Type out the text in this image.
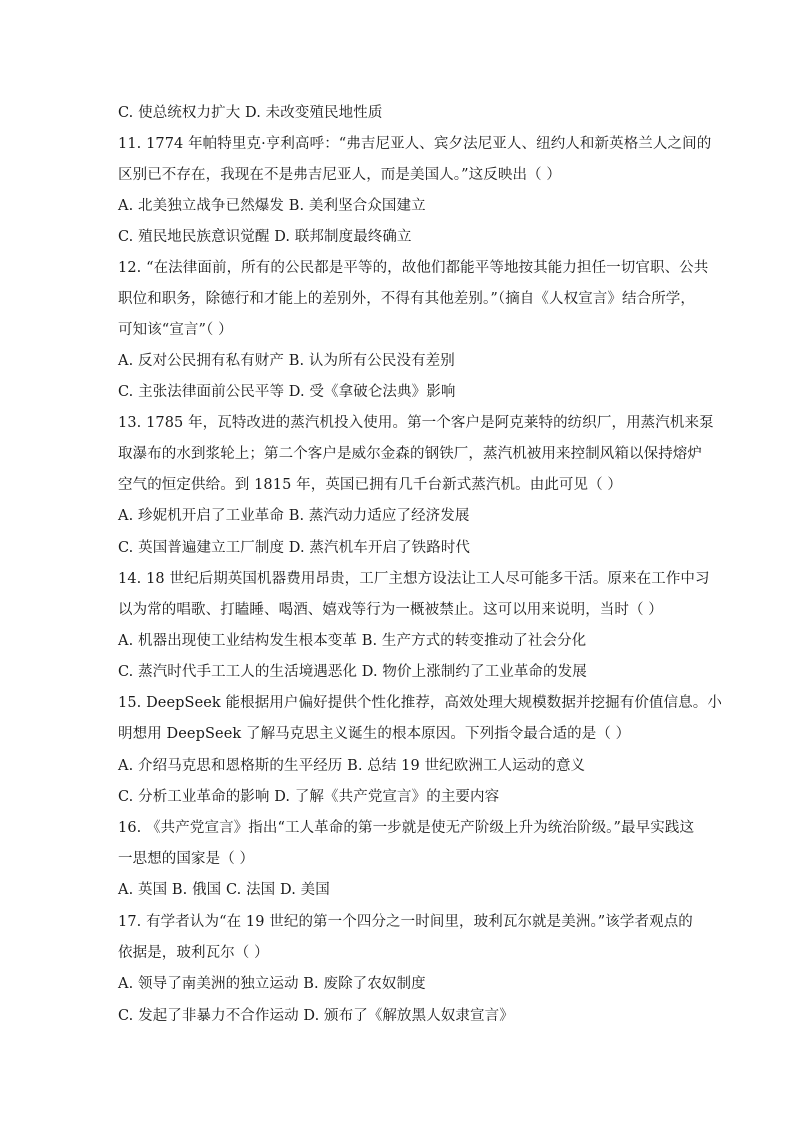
C. 使总统权力扩大 D. 未改变殖民地性质
11. 1774 年帕特里克·亨利高呼：“弗吉尼亚人、宾夕法尼亚人、纽约人和新英格兰人之间的
区别已不存在，我现在不是弗吉尼亚人，而是美国人。”这反映出（ ）
A. 北美独立战争已然爆发 B. 美利坚合众国建立
C. 殖民地民族意识觉醒 D. 联邦制度最终确立
12. “在法律面前，所有的公民都是平等的，故他们都能平等地按其能力担任一切官职、公共
职位和职务，除德行和才能上的差别外，不得有其他差别。”（摘自《人权宣言》结合所学，
可知该“宣言”（ ）
A. 反对公民拥有私有财产 B. 认为所有公民没有差别
C. 主张法律面前公民平等 D. 受《拿破仑法典》影响
13. 1785 年，瓦特改进的蒸汽机投入使用。第一个客户是阿克莱特的纺织厂，用蒸汽机来泵
取瀑布的水到浆轮上；第二个客户是威尔金森的钢铁厂，蒸汽机被用来控制风箱以保持熔炉
空气的恒定供给。到 1815 年，英国已拥有几千台新式蒸汽机。由此可见（ ）
A. 珍妮机开启了工业革命 B. 蒸汽动力适应了经济发展
C. 英国普遍建立工厂制度 D. 蒸汽机车开启了铁路时代
14. 18 世纪后期英国机器费用昂贵，工厂主想方设法让工人尽可能多干活。原来在工作中习
以为常的唱歌、打瞌睡、喝酒、嬉戏等行为一概被禁止。这可以用来说明，当时（ ）
A. 机器出现使工业结构发生根本变革 B. 生产方式的转变推动了社会分化
C. 蒸汽时代手工工人的生活境遇恶化 D. 物价上涨制约了工业革命的发展
15. DeepSeek 能根据用户偏好提供个性化推荐，高效处理大规模数据并挖掘有价值信息。小
明想用 DeepSeek 了解马克思主义诞生的根本原因。下列指令最合适的是（ ）
A. 介绍马克思和恩格斯的生平经历 B. 总结 19 世纪欧洲工人运动的意义
C. 分析工业革命的影响 D. 了解《共产党宣言》的主要内容
16. 《共产党宣言》指出“工人革命的第一步就是使无产阶级上升为统治阶级。”最早实践这
一思想的国家是（ ）
A. 英国 B. 俄国 C. 法国 D. 美国
17. 有学者认为“在 19 世纪的第一个四分之一时间里，玻利瓦尔就是美洲。”该学者观点的
依据是，玻利瓦尔（ ）
A. 领导了南美洲的独立运动 B. 废除了农奴制度
C. 发起了非暴力不合作运动 D. 颁布了《解放黑人奴隶宣言》
